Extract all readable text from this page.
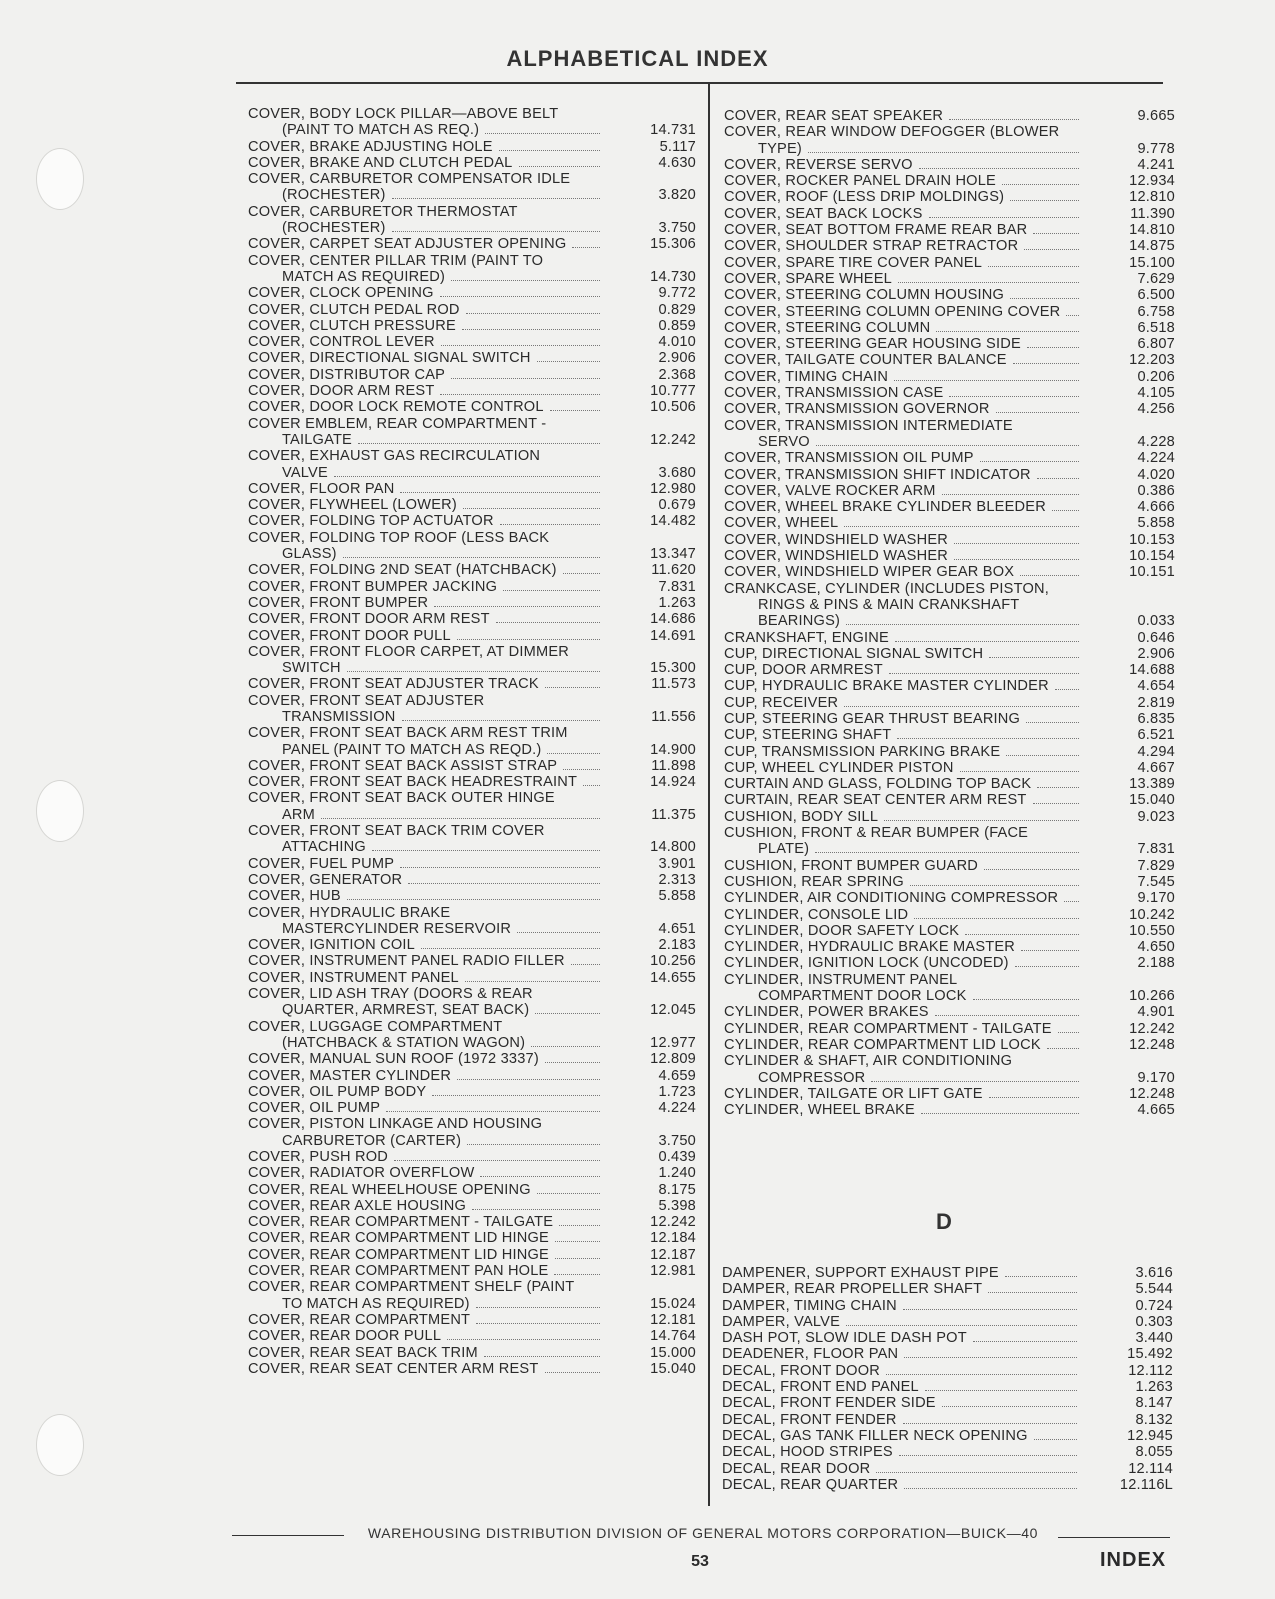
ALPHABETICAL INDEX
COVER, BODY LOCK PILLAR—ABOVE BELT
(PAINT TO MATCH AS REQ.)	14.731
COVER, BRAKE ADJUSTING HOLE	5.117
COVER, BRAKE AND CLUTCH PEDAL	4.630
COVER, CARBURETOR COMPENSATOR IDLE
(ROCHESTER)	3.820
COVER, CARBURETOR THERMOSTAT
(ROCHESTER)	3.750
COVER, CARPET SEAT ADJUSTER OPENING	15.306
COVER, CENTER PILLAR TRIM (PAINT TO
MATCH AS REQUIRED)	14.730
COVER, CLOCK OPENING	9.772
COVER, CLUTCH PEDAL ROD	0.829
COVER, CLUTCH PRESSURE	0.859
COVER, CONTROL LEVER	4.010
COVER, DIRECTIONAL SIGNAL SWITCH	2.906
COVER, DISTRIBUTOR CAP	2.368
COVER, DOOR ARM REST	10.777
COVER, DOOR LOCK REMOTE CONTROL	10.506
COVER EMBLEM, REAR COMPARTMENT -
TAILGATE	12.242
COVER, EXHAUST GAS RECIRCULATION
VALVE	3.680
COVER, FLOOR PAN	12.980
COVER, FLYWHEEL (LOWER)	0.679
COVER, FOLDING TOP ACTUATOR	14.482
COVER, FOLDING TOP ROOF (LESS BACK
GLASS)	13.347
COVER, FOLDING 2ND SEAT (HATCHBACK)	11.620
COVER, FRONT BUMPER JACKING	7.831
COVER, FRONT BUMPER	1.263
COVER, FRONT DOOR ARM REST	14.686
COVER, FRONT DOOR PULL	14.691
COVER, FRONT FLOOR CARPET, AT DIMMER
SWITCH	15.300
COVER, FRONT SEAT ADJUSTER TRACK	11.573
COVER, FRONT SEAT ADJUSTER
TRANSMISSION	11.556
COVER, FRONT SEAT BACK ARM REST TRIM
PANEL (PAINT TO MATCH AS REQD.)	14.900
COVER, FRONT SEAT BACK ASSIST STRAP	11.898
COVER, FRONT SEAT BACK HEADRESTRAINT	14.924
COVER, FRONT SEAT BACK OUTER HINGE
ARM	11.375
COVER, FRONT SEAT BACK TRIM COVER
ATTACHING	14.800
COVER, FUEL PUMP	3.901
COVER, GENERATOR	2.313
COVER, HUB	5.858
COVER, HYDRAULIC BRAKE
MASTERCYLINDER RESERVOIR	4.651
COVER, IGNITION COIL	2.183
COVER, INSTRUMENT PANEL RADIO FILLER	10.256
COVER, INSTRUMENT PANEL	14.655
COVER, LID ASH TRAY (DOORS & REAR
QUARTER, ARMREST, SEAT BACK)	12.045
COVER, LUGGAGE COMPARTMENT
(HATCHBACK & STATION WAGON)	12.977
COVER, MANUAL SUN ROOF (1972 3337)	12.809
COVER, MASTER CYLINDER	4.659
COVER, OIL PUMP BODY	1.723
COVER, OIL PUMP	4.224
COVER, PISTON LINKAGE AND HOUSING
CARBURETOR (CARTER)	3.750
COVER, PUSH ROD	0.439
COVER, RADIATOR OVERFLOW	1.240
COVER, REAL WHEELHOUSE OPENING	8.175
COVER, REAR AXLE HOUSING	5.398
COVER, REAR COMPARTMENT - TAILGATE	12.242
COVER, REAR COMPARTMENT LID HINGE	12.184
COVER, REAR COMPARTMENT LID HINGE	12.187
COVER, REAR COMPARTMENT PAN HOLE	12.981
COVER, REAR COMPARTMENT SHELF (PAINT
TO MATCH AS REQUIRED)	15.024
COVER, REAR COMPARTMENT	12.181
COVER, REAR DOOR PULL	14.764
COVER, REAR SEAT BACK TRIM	15.000
COVER, REAR SEAT CENTER ARM REST	15.040
COVER, REAR SEAT SPEAKER	9.665
COVER, REAR WINDOW DEFOGGER (BLOWER
TYPE)	9.778
COVER, REVERSE SERVO	4.241
COVER, ROCKER PANEL DRAIN HOLE	12.934
COVER, ROOF (LESS DRIP MOLDINGS)	12.810
COVER, SEAT BACK LOCKS	11.390
COVER, SEAT BOTTOM FRAME REAR BAR	14.810
COVER, SHOULDER STRAP RETRACTOR	14.875
COVER, SPARE TIRE COVER PANEL	15.100
COVER, SPARE WHEEL	7.629
COVER, STEERING COLUMN HOUSING	6.500
COVER, STEERING COLUMN OPENING COVER	6.758
COVER, STEERING COLUMN	6.518
COVER, STEERING GEAR HOUSING SIDE	6.807
COVER, TAILGATE COUNTER BALANCE	12.203
COVER, TIMING CHAIN	0.206
COVER, TRANSMISSION CASE	4.105
COVER, TRANSMISSION GOVERNOR	4.256
COVER, TRANSMISSION INTERMEDIATE
SERVO	4.228
COVER, TRANSMISSION OIL PUMP	4.224
COVER, TRANSMISSION SHIFT INDICATOR	4.020
COVER, VALVE ROCKER ARM	0.386
COVER, WHEEL BRAKE CYLINDER BLEEDER	4.666
COVER, WHEEL	5.858
COVER, WINDSHIELD WASHER	10.153
COVER, WINDSHIELD WASHER	10.154
COVER, WINDSHIELD WIPER GEAR BOX	10.151
CRANKCASE, CYLINDER (INCLUDES PISTON,
RINGS & PINS & MAIN CRANKSHAFT
BEARINGS)	0.033
CRANKSHAFT, ENGINE	0.646
CUP, DIRECTIONAL SIGNAL SWITCH	2.906
CUP, DOOR ARMREST	14.688
CUP, HYDRAULIC BRAKE MASTER CYLINDER	4.654
CUP, RECEIVER	2.819
CUP, STEERING GEAR THRUST BEARING	6.835
CUP, STEERING SHAFT	6.521
CUP, TRANSMISSION PARKING BRAKE	4.294
CUP, WHEEL CYLINDER PISTON	4.667
CURTAIN AND GLASS, FOLDING TOP BACK	13.389
CURTAIN, REAR SEAT CENTER ARM REST	15.040
CUSHION, BODY SILL	9.023
CUSHION, FRONT & REAR BUMPER (FACE
PLATE)	7.831
CUSHION, FRONT BUMPER GUARD	7.829
CUSHION, REAR SPRING	7.545
CYLINDER, AIR CONDITIONING COMPRESSOR	9.170
CYLINDER, CONSOLE LID	10.242
CYLINDER, DOOR SAFETY LOCK	10.550
CYLINDER, HYDRAULIC BRAKE MASTER	4.650
CYLINDER, IGNITION LOCK (UNCODED)	2.188
CYLINDER, INSTRUMENT PANEL
COMPARTMENT DOOR LOCK	10.266
CYLINDER, POWER BRAKES	4.901
CYLINDER, REAR COMPARTMENT - TAILGATE	12.242
CYLINDER, REAR COMPARTMENT LID LOCK	12.248
CYLINDER & SHAFT, AIR CONDITIONING
COMPRESSOR	9.170
CYLINDER, TAILGATE OR LIFT GATE	12.248
CYLINDER, WHEEL BRAKE	4.665
D
DAMPENER, SUPPORT EXHAUST PIPE	3.616
DAMPER, REAR PROPELLER SHAFT	5.544
DAMPER, TIMING CHAIN	0.724
DAMPER, VALVE	0.303
DASH POT, SLOW IDLE DASH POT	3.440
DEADENER, FLOOR PAN	15.492
DECAL, FRONT DOOR	12.112
DECAL, FRONT END PANEL	1.263
DECAL, FRONT FENDER SIDE	8.147
DECAL, FRONT FENDER	8.132
DECAL, GAS TANK FILLER NECK OPENING	12.945
DECAL, HOOD STRIPES	8.055
DECAL, REAR DOOR	12.114
DECAL, REAR QUARTER	12.116L
WAREHOUSING DISTRIBUTION DIVISION OF GENERAL MOTORS CORPORATION—BUICK—40
53	INDEX
